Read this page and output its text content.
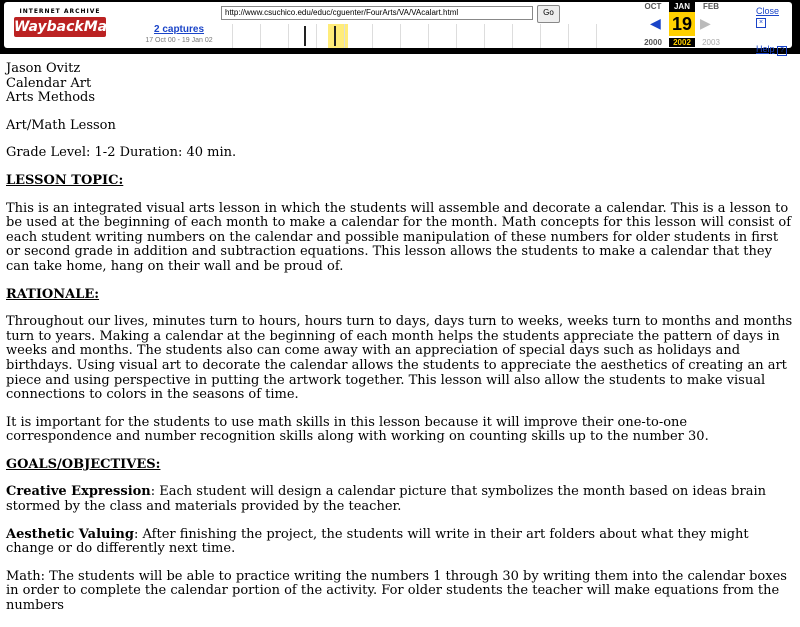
INTERNET ARCHIVE
WaybackMachine 2 captures
17 Oct 00 - 19 Jan 02
http://www.csuchico.edu/educ/cguenter/FourArts/VA/VAcalart.html	Go
OCT	JAN	FEB
◀ 19 ▶
2000	2002	2003
Close ×
Help ?
Jason Ovitz
Calendar Art
Arts Methods

Art/Math Lesson

Grade Level: 1-2 Duration: 40 min.

LESSON TOPIC:

This is an integrated visual arts lesson in which the students will assemble and decorate a calendar. This is a lesson to be used at the beginning of each month to make a calendar for the month. Math concepts for this lesson will consist of each student writing numbers on the calendar and possible manipulation of these numbers for older students in first or second grade in addition and subtraction equations. This lesson allows the students to make a calendar that they can take home, hang on their wall and be proud of.

RATIONALE:

Throughout our lives, minutes turn to hours, hours turn to days, days turn to weeks, weeks turn to months and months turn to years. Making a calendar at the beginning of each month helps the students appreciate the pattern of days in weeks and months. The students also can come away with an appreciation of special days such as holidays and birthdays. Using visual art to decorate the calendar allows the students to appreciate the aesthetics of creating an art piece and using perspective in putting the artwork together. This lesson will also allow the students to make visual connections to colors in the seasons of time.

It is important for the students to use math skills in this lesson because it will improve their one-to-one correspondence and number recognition skills along with working on counting skills up to the number 30.

GOALS/OBJECTIVES:

Creative Expression: Each student will design a calendar picture that symbolizes the month based on ideas brain stormed by the class and materials provided by the teacher.

Aesthetic Valuing: After finishing the project, the students will write in their art folders about what they might change or do differently next time.

Math: The students will be able to practice writing the numbers 1 through 30 by writing them into the calendar boxes in order to complete the calendar portion of the activity. For older students the teacher will make equations from the numbers
